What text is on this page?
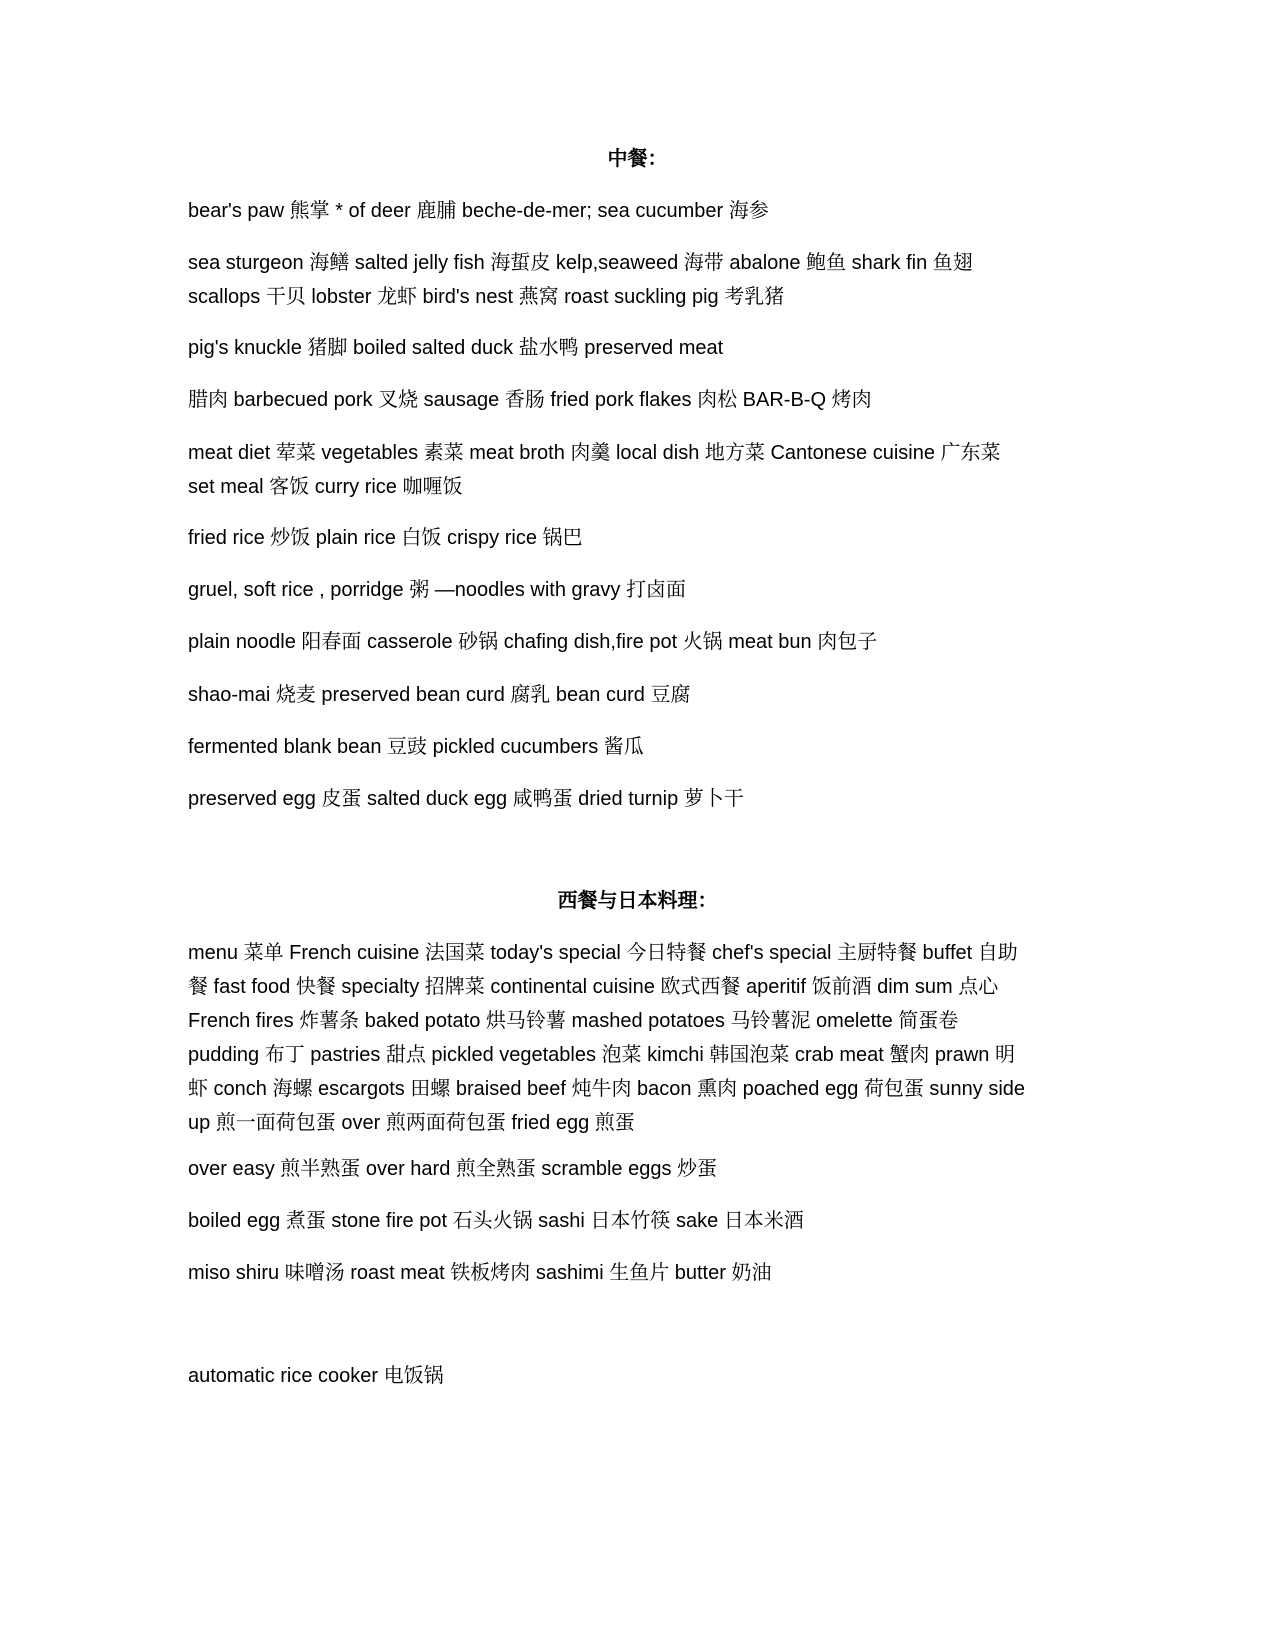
中餐：
bear's paw 熊掌 * of deer 鹿脯 beche-de-mer; sea cucumber 海参
sea sturgeon 海鳝 salted jelly fish 海蜇皮 kelp,seaweed 海带 abalone 鲍鱼 shark fin 鱼翅
scallops 干贝 lobster 龙虾 bird's nest 燕窝 roast suckling pig 考乳猪
pig's knuckle 猪脚 boiled salted duck 盐水鸭 preserved meat
腊肉 barbecued pork 叉烧 sausage 香肠 fried pork flakes 肉松 BAR-B-Q 烤肉
meat diet 荤菜 vegetables 素菜 meat broth 肉羹 local dish 地方菜 Cantonese cuisine 广东菜
set meal 客饭 curry rice 咖喱饭
fried rice 炒饭 plain rice 白饭 crispy rice 锅巴
gruel, soft rice , porridge 粥 —noodles with gravy 打卤面
plain noodle 阳春面 casserole 砂锅 chafing dish,fire pot 火锅 meat bun 肉包子
shao-mai 烧麦 preserved bean curd 腐乳 bean curd 豆腐
fermented blank bean 豆豉 pickled cucumbers 酱瓜
preserved egg 皮蛋 salted duck egg 咸鸭蛋 dried turnip 萝卜干
西餐与日本料理：
menu 菜单 French cuisine 法国菜 today's special 今日特餐 chef's special 主厨特餐 buffet 自助
餐 fast food 快餐 specialty 招牌菜 continental cuisine 欧式西餐 aperitif 饭前酒 dim sum 点心
French fires 炸薯条 baked potato 烘马铃薯 mashed potatoes 马铃薯泥 omelette 简蛋卷
pudding 布丁 pastries 甜点 pickled vegetables 泡菜 kimchi 韩国泡菜 crab meat 蟹肉 prawn 明
虾 conch 海螺 escargots 田螺 braised beef 炖牛肉 bacon 熏肉 poached egg 荷包蛋 sunny side
up 煎一面荷包蛋 over 煎两面荷包蛋 fried egg 煎蛋
over easy 煎半熟蛋 over hard 煎全熟蛋 scramble eggs 炒蛋
boiled egg 煮蛋 stone fire pot 石头火锅 sashi 日本竹筷 sake 日本米酒
miso shiru 味噌汤 roast meat 铁板烤肉 sashimi 生鱼片 butter 奶油
automatic rice cooker 电饭锅
